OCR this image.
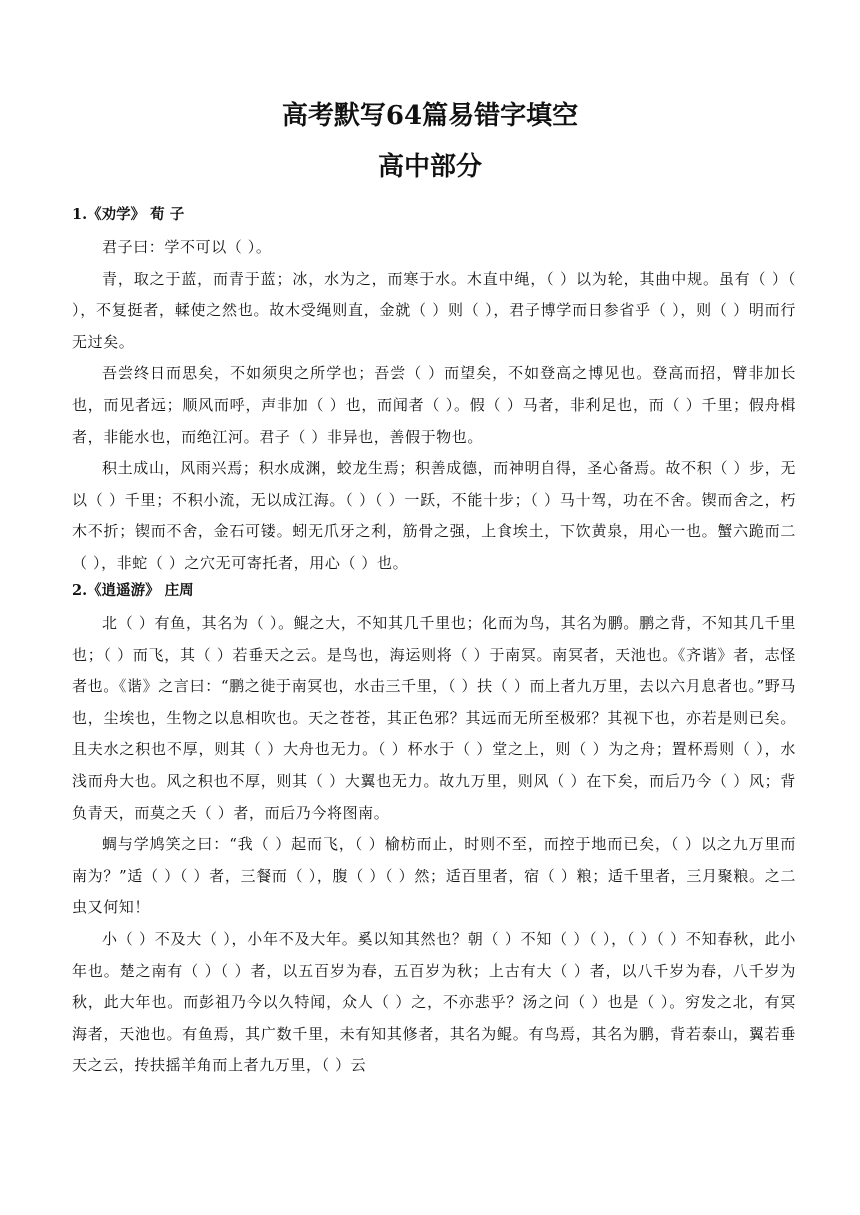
高考默写64篇易错字填空
高中部分
1.《劝学》 荀 子

君子曰：学不可以（ ）。

青，取之于蓝，而青于蓝；冰，水为之，而寒于水。木直中绳，（ ）以为轮，其曲中规。虽有（ ）（ ），不复挺者，輮使之然也。故木受绳则直，金就（ ）则（ ），君子博学而日参省乎（ ），则（ ）明而行无过矣。

吾尝终日而思矣，不如须臾之所学也；吾尝（ ）而望矣，不如登高之博见也。登高而招，臂非加长也，而见者远；顺风而呼，声非加（ ）也，而闻者（ ）。假（ ）马者，非利足也，而（ ）千里；假舟楫者，非能水也，而绝江河。君子（ ）非异也，善假于物也。

积土成山，风雨兴焉；积水成渊，蛟龙生焉；积善成德，而神明自得，圣心备焉。故不积（ ）步，无以（ ）千里；不积小流，无以成江海。（ ）（ ）一跃，不能十步；（ ）马十驾，功在不舍。锲而舍之，朽木不折；锲而不舍，金石可镂。蚓无爪牙之利，筋骨之强，上食埃土，下饮黄泉，用心一也。蟹六跪而二（ ），非蛇（ ）之穴无可寄托者，用心（ ）也。

2.《逍遥游》 庄周

北（ ）有鱼，其名为（ ）。鲲之大，不知其几千里也；化而为鸟，其名为鹏。鹏之背，不知其几千里也；（ ）而飞，其（ ）若垂天之云。是鸟也，海运则将（ ）于南冥。南冥者，天池也。《齐谐》者，志怪者也。《谐》之言曰：“鹏之徙于南冥也，水击三千里，（ ）扶（ ）而上者九万里，去以六月息者也。”野马也，尘埃也，生物之以息相吹也。天之苍苍，其正色邪？其远而无所至极邪？其视下也，亦若是则已矣。且夫水之积也不厚，则其（ ）大舟也无力。（ ）杯水于（ ）堂之上，则（ ）为之舟；置杯焉则（ ），水浅而舟大也。风之积也不厚，则其（ ）大翼也无力。故九万里，则风（ ）在下矣，而后乃今（ ）风；背负青天，而莫之夭（ ）者，而后乃今将图南。

蜩与学鸠笑之曰：“我（ ）起而飞，（ ）榆枋而止，时则不至，而控于地而已矣，（ ）以之九万里而南为？”适（ ）（ ）者，三餐而（ ），腹（ ）（ ）然；适百里者，宿（ ）粮；适千里者，三月聚粮。之二虫又何知！

小（ ）不及大（ ），小年不及大年。奚以知其然也？朝（ ）不知（ ）（ ），（ ）（ ）不知春秋，此小年也。楚之南有（ ）（ ）者，以五百岁为春，五百岁为秋；上古有大（ ）者，以八千岁为春，八千岁为秋，此大年也。而彭祖乃今以久特闻，众人（ ）之，不亦悲乎？汤之问（ ）也是（ ）。穷发之北，有冥海者，天池也。有鱼焉，其广数千里，未有知其修者，其名为鲲。有鸟焉，其名为鹏，背若泰山，翼若垂天之云，抟扶摇羊角而上者九万里，（ ）云
